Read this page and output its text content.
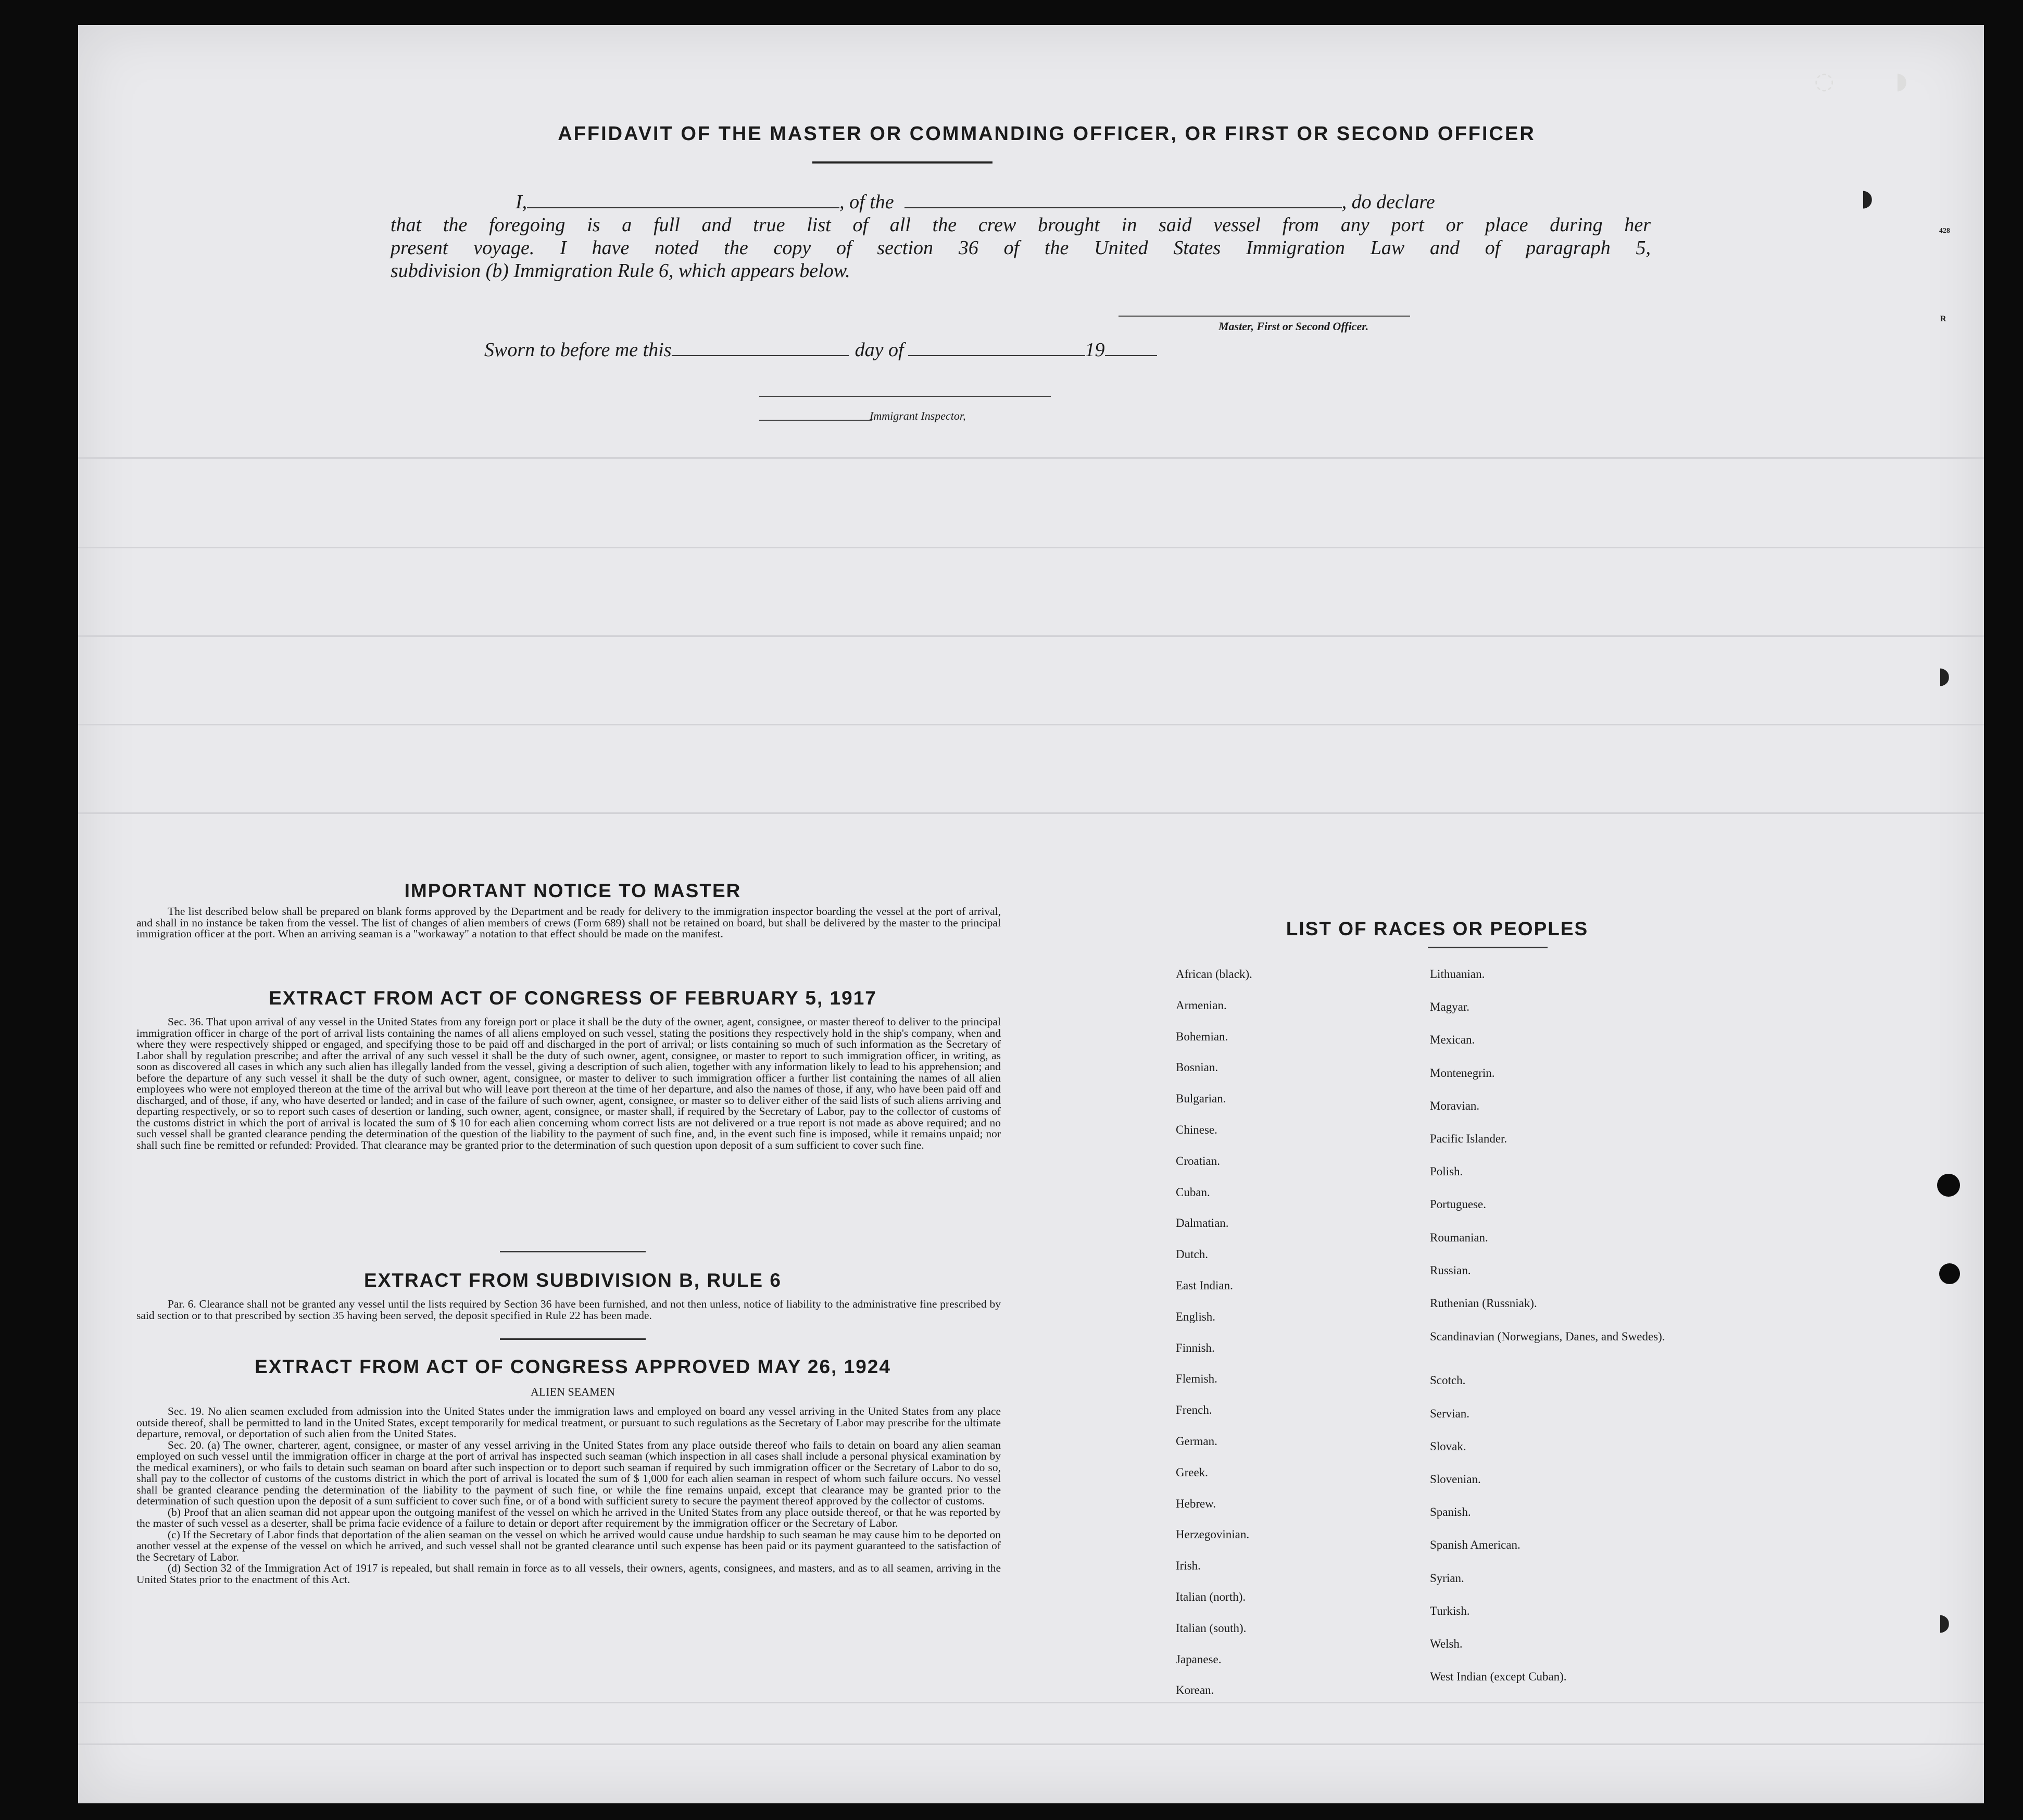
AFFIDAVIT OF THE MASTER OR COMMANDING OFFICER, OR FIRST OR SECOND OFFICER
I,	, of the	, do declare
that the foregoing is a full and true list of all the crew brought in said vessel from any port or place during her
present voyage. I have noted the copy of section 36 of the United States Immigration Law and of paragraph 5,
subdivision (b) Immigration Rule 6, which appears below.
Master, First or Second Officer.
Sworn to before me this	day of	19
Immigrant Inspector,
IMPORTANT NOTICE TO MASTER
The list described below shall be prepared on blank forms approved by the Department and be ready for delivery to the immigration inspector boarding the vessel at the port of arrival, and shall in no instance be taken from the vessel. The list of changes of alien members of crews (Form 689) shall not be retained on board, but shall be delivered by the master to the principal immigration officer at the port. When an arriving seaman is a "workaway" a notation to that effect should be made on the manifest.
EXTRACT FROM ACT OF CONGRESS OF FEBRUARY 5, 1917
Sec. 36. That upon arrival of any vessel in the United States from any foreign port or place it shall be the duty of the owner, agent, consignee, or master thereof to deliver to the principal immigration officer in charge of the port of arrival lists containing the names of all aliens employed on such vessel, stating the positions they respectively hold in the ship's company, when and where they were respectively shipped or engaged, and specifying those to be paid off and discharged in the port of arrival; or lists containing so much of such information as the Secretary of Labor shall by regulation prescribe; and after the arrival of any such vessel it shall be the duty of such owner, agent, consignee, or master to report to such immigration officer, in writing, as soon as discovered all cases in which any such alien has illegally landed from the vessel, giving a description of such alien, together with any information likely to lead to his apprehension; and before the departure of any such vessel it shall be the duty of such owner, agent, consignee, or master to deliver to such immigration officer a further list containing the names of all alien employees who were not employed thereon at the time of the arrival but who will leave port thereon at the time of her departure, and also the names of those, if any, who have been paid off and discharged, and of those, if any, who have deserted or landed; and in case of the failure of such owner, agent, consignee, or master so to deliver either of the said lists of such aliens arriving and departing respectively, or so to report such cases of desertion or landing, such owner, agent, consignee, or master shall, if required by the Secretary of Labor, pay to the collector of customs of the customs district in which the port of arrival is located the sum of $ 10 for each alien concerning whom correct lists are not delivered or a true report is not made as above required; and no such vessel shall be granted clearance pending the determination of the question of the liability to the payment of such fine, and, in the event such fine is imposed, while it remains unpaid; nor shall such fine be remitted or refunded: Provided. That clearance may be granted prior to the determination of such question upon deposit of a sum sufficient to cover such fine.
EXTRACT FROM SUBDIVISION B, RULE 6
Par. 6. Clearance shall not be granted any vessel until the lists required by Section 36 have been furnished, and not then unless, notice of liability to the administrative fine prescribed by said section or to that prescribed by section 35 having been served, the deposit specified in Rule 22 has been made.
EXTRACT FROM ACT OF CONGRESS APPROVED MAY 26, 1924
ALIEN SEAMEN
Sec. 19. No alien seamen excluded from admission into the United States under the immigration laws and employed on board any vessel arriving in the United States from any place outside thereof, shall be permitted to land in the United States, except temporarily for medical treatment, or pursuant to such regulations as the Secretary of Labor may prescribe for the ultimate departure, removal, or deportation of such alien from the United States.
Sec. 20. (a) The owner, charterer, agent, consignee, or master of any vessel arriving in the United States from any place outside thereof who fails to detain on board any alien seaman employed on such vessel until the immigration officer in charge at the port of arrival has inspected such seaman (which inspection in all cases shall include a personal physical examination by the medical examiners), or who fails to detain such seaman on board after such inspection or to deport such seaman if required by such immigration officer or the Secretary of Labor to do so, shall pay to the collector of customs of the customs district in which the port of arrival is located the sum of $ 1,000 for each alien seaman in respect of whom such failure occurs. No vessel shall be granted clearance pending the determination of the liability to the payment of such fine, or while the fine remains unpaid, except that clearance may be granted prior to the determination of such question upon the deposit of a sum sufficient to cover such fine, or of a bond with sufficient surety to secure the payment thereof approved by the collector of customs.
(b) Proof that an alien seaman did not appear upon the outgoing manifest of the vessel on which he arrived in the United States from any place outside thereof, or that he was reported by the master of such vessel as a deserter, shall be prima facie evidence of a failure to detain or deport after requirement by the immigration officer or the Secretary of Labor.
(c) If the Secretary of Labor finds that deportation of the alien seaman on the vessel on which he arrived would cause undue hardship to such seaman he may cause him to be deported on another vessel at the expense of the vessel on which he arrived, and such vessel shall not be granted clearance until such expense has been paid or its payment guaranteed to the satisfaction of the Secretary of Labor.
(d) Section 32 of the Immigration Act of 1917 is repealed, but shall remain in force as to all vessels, their owners, agents, consignees, and masters, and as to all seamen, arriving in the United States prior to the enactment of this Act.
LIST OF RACES OR PEOPLES
African (black).
Armenian.
Bohemian.
Bosnian.
Bulgarian.
Chinese.
Croatian.
Cuban.
Dalmatian.
Dutch.
East Indian.
English.
Finnish.
Flemish.
French.
German.
Greek.
Hebrew.
Herzegovinian.
Irish.
Italian (north).
Italian (south).
Japanese.
Korean.
Lithuanian.
Magyar.
Mexican.
Montenegrin.
Moravian.
Pacific Islander.
Polish.
Portuguese.
Roumanian.
Russian.
Ruthenian (Russniak).
Scandinavian (Norwegians, Danes, and Swedes).
Scotch.
Servian.
Slovak.
Slovenian.
Spanish.
Spanish American.
Syrian.
Turkish.
Welsh.
West Indian (except Cuban).
428
R
◌	◗
◗
◗
◗
